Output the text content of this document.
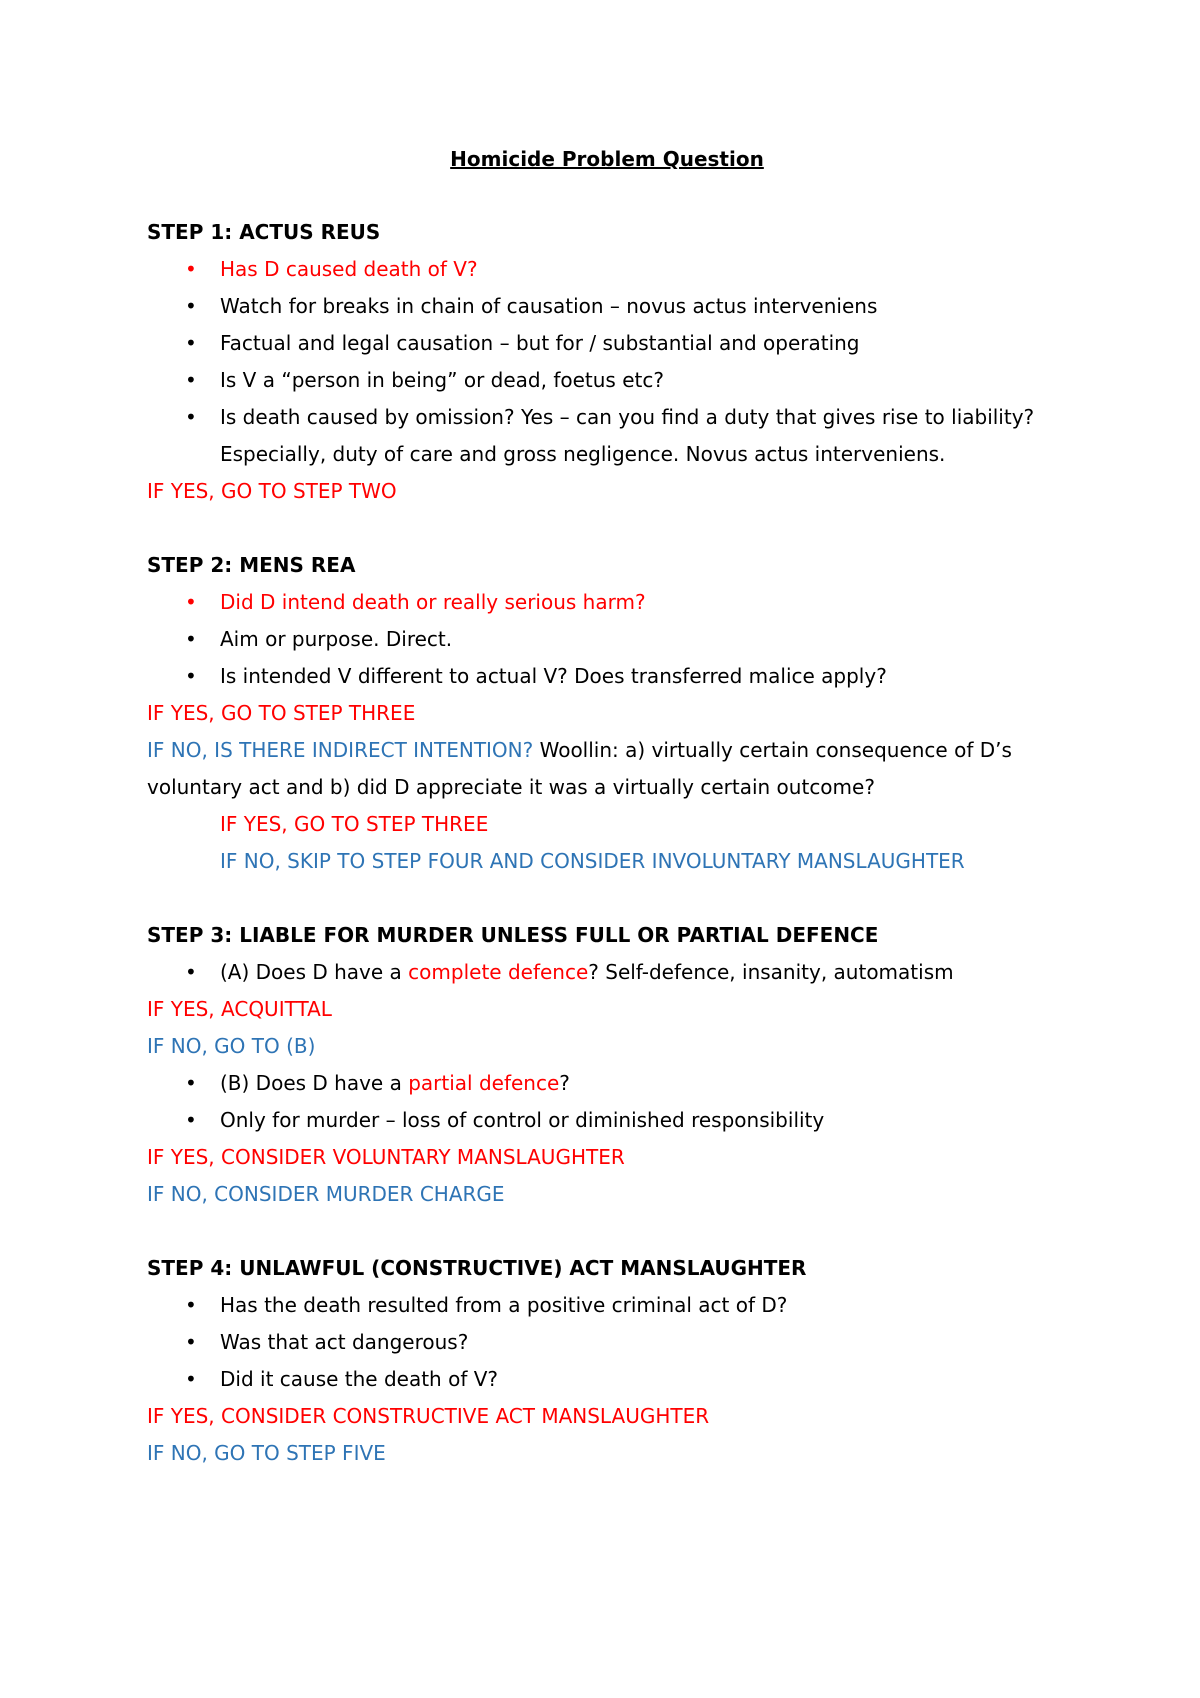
Homicide Problem Question
STEP 1: ACTUS REUS
• Has D caused death of V?
• Watch for breaks in chain of causation – novus actus interveniens
• Factual and legal causation – but for / substantial and operating
• Is V a “person in being” or dead, foetus etc?
• Is death caused by omission? Yes – can you find a duty that gives rise to liability?
Especially, duty of care and gross negligence. Novus actus interveniens.
IF YES, GO TO STEP TWO
STEP 2: MENS REA
• Did D intend death or really serious harm?
• Aim or purpose. Direct.
• Is intended V different to actual V? Does transferred malice apply?
IF YES, GO TO STEP THREE
IF NO, IS THERE INDIRECT INTENTION? Woollin: a) virtually certain consequence of D’s
voluntary act and b) did D appreciate it was a virtually certain outcome?
IF YES, GO TO STEP THREE
IF NO, SKIP TO STEP FOUR AND CONSIDER INVOLUNTARY MANSLAUGHTER
STEP 3: LIABLE FOR MURDER UNLESS FULL OR PARTIAL DEFENCE
• (A) Does D have a complete defence? Self-defence, insanity, automatism
IF YES, ACQUITTAL
IF NO, GO TO (B)
• (B) Does D have a partial defence?
• Only for murder – loss of control or diminished responsibility
IF YES, CONSIDER VOLUNTARY MANSLAUGHTER
IF NO, CONSIDER MURDER CHARGE
STEP 4: UNLAWFUL (CONSTRUCTIVE) ACT MANSLAUGHTER
• Has the death resulted from a positive criminal act of D?
• Was that act dangerous?
• Did it cause the death of V?
IF YES, CONSIDER CONSTRUCTIVE ACT MANSLAUGHTER
IF NO, GO TO STEP FIVE
